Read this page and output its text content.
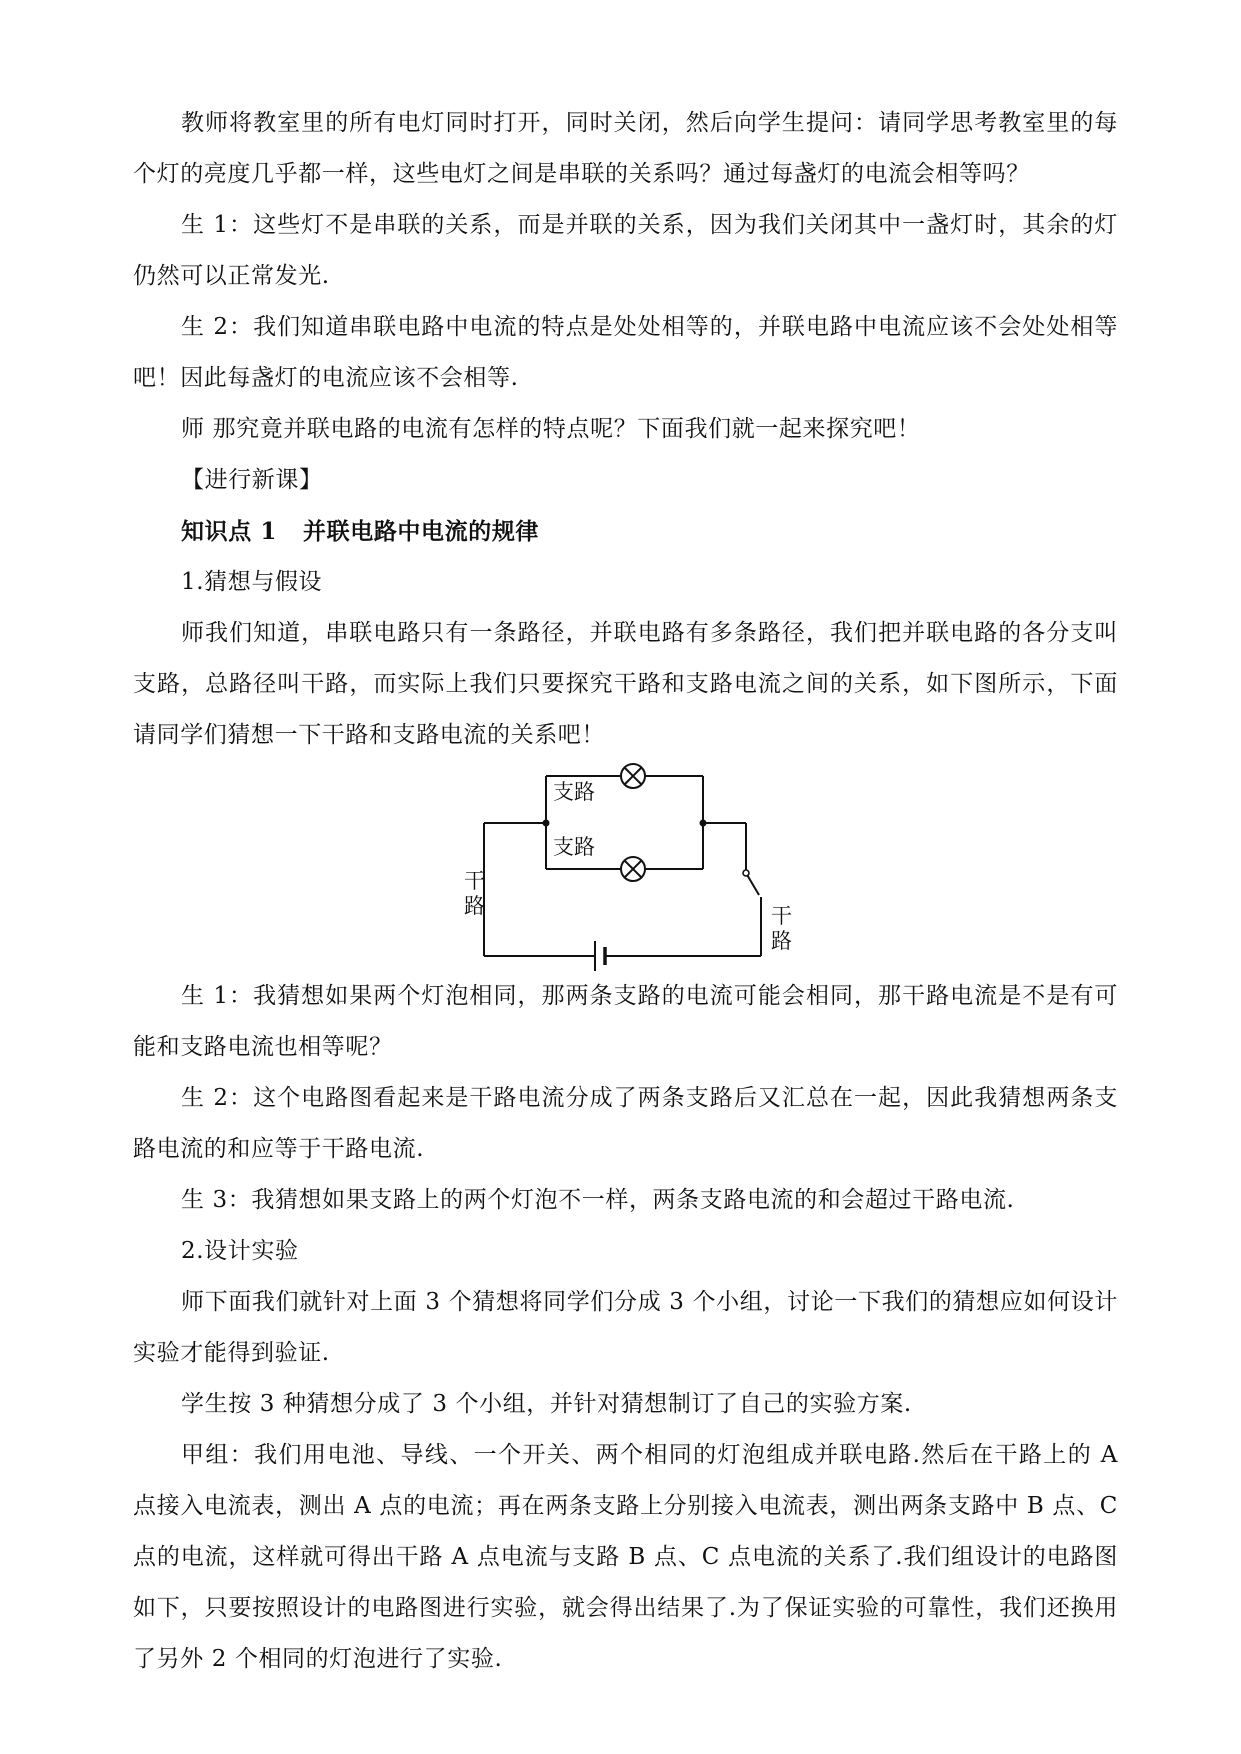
教师将教室里的所有电灯同时打开，同时关闭，然后向学生提问：请同学思考教室里的每个灯的亮度几乎都一样，这些电灯之间是串联的关系吗？通过每盏灯的电流会相等吗？

生 1：这些灯不是串联的关系，而是并联的关系，因为我们关闭其中一盏灯时，其余的灯仍然可以正常发光.

生 2：我们知道串联电路中电流的特点是处处相等的，并联电路中电流应该不会处处相等吧！因此每盏灯的电流应该不会相等.

师 那究竟并联电路的电流有怎样的特点呢？下面我们就一起来探究吧！

【进行新课】

知识点 1 并联电路中电流的规律

1.猜想与假设

师我们知道，串联电路只有一条路径，并联电路有多条路径，我们把并联电路的各分支叫支路，总路径叫干路，而实际上我们只要探究干路和支路电流之间的关系，如下图所示，下面请同学们猜想一下干路和支路电流的关系吧！

支路
支路
干
路	干
路

生 1：我猜想如果两个灯泡相同，那两条支路的电流可能会相同，那干路电流是不是有可能和支路电流也相等呢？

生 2：这个电路图看起来是干路电流分成了两条支路后又汇总在一起，因此我猜想两条支路电流的和应等于干路电流.

生 3：我猜想如果支路上的两个灯泡不一样，两条支路电流的和会超过干路电流.

2.设计实验

师下面我们就针对上面 3 个猜想将同学们分成 3 个小组，讨论一下我们的猜想应如何设计实验才能得到验证.

学生按 3 种猜想分成了 3 个小组，并针对猜想制订了自己的实验方案.

甲组：我们用电池、导线、一个开关、两个相同的灯泡组成并联电路.然后在干路上的 A 点接入电流表，测出 A 点的电流；再在两条支路上分别接入电流表，测出两条支路中 B 点、C 点的电流，这样就可得出干路 A 点电流与支路 B 点、C 点电流的关系了.我们组设计的电路图如下，只要按照设计的电路图进行实验，就会得出结果了.为了保证实验的可靠性，我们还换用了另外 2 个相同的灯泡进行了实验.
